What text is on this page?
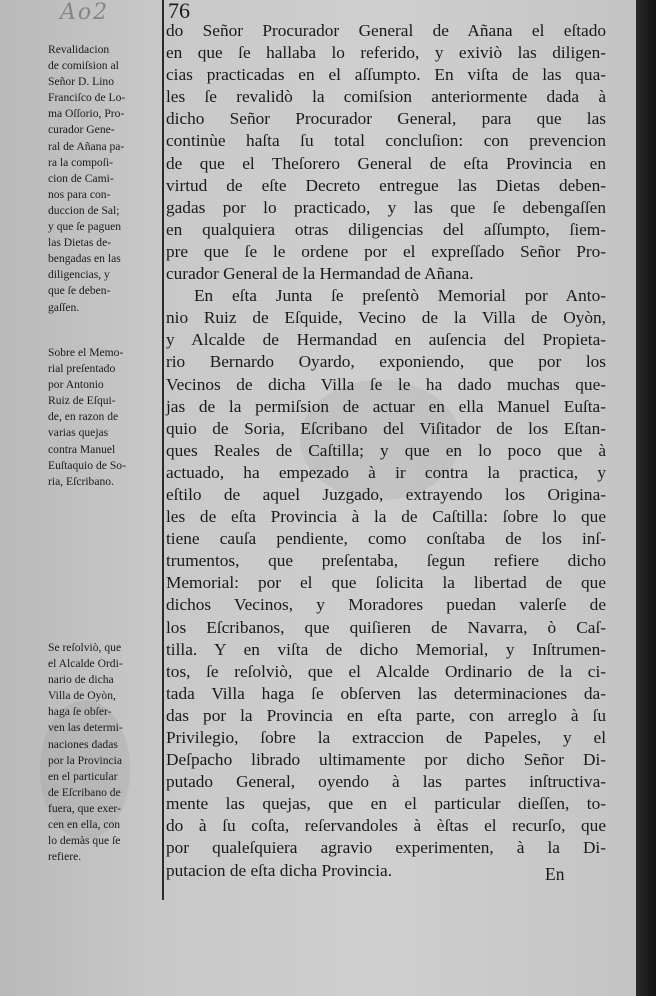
Ao2	76
Revalidacion
de comiſsion al
Señor D. Lino
Franciſco de Lo-
ma Oſſorio, Pro-
curador Gene-
ral de Añana pa-
ra la compoſi-
cion de Cami-
nos para con-
duccion de Sal;
y que ſe paguen
las Dietas de-
bengadas en las
diligencias, y
que ſe deben-
gaſſen.
Sobre el Memo-
rial preſentado
por Antonio
Ruiz de Eſqui-
de, en razon de
varias quejas
contra Manuel
Euſtaquio de So-
ria, Eſcribano.
Se reſolviò, que
el Alcalde Ordi-
nario de dicha
Villa de Oyòn,
haga ſe obſer-
ven las determi-
naciones dadas
por la Provincia
en el particular
de Eſcribano de
fuera, que exer-
cen en ella, con
lo demàs que ſe
refiere.

do Señor Procurador General de Añana el eſtado
en que ſe hallaba lo referido, y exiviò las diligen-
cias practicadas en el aſſumpto. En viſta de las qua-
les ſe revalidò la comiſsion anteriormente dada à
dicho Señor Procurador General, para que las
continùe haſta ſu total concluſion: con prevencion
de que el Theſorero General de eſta Provincia en
virtud de eſte Decreto entregue las Dietas deben-
gadas por lo practicado, y las que ſe debengaſſen
en qualquiera otras diligencias del aſſumpto, ſiem-
pre que ſe le ordene por el expreſſado Señor Pro-
curador General de la Hermandad de Añana.

En eſta Junta ſe preſentò Memorial por Anto-
nio Ruiz de Eſquide, Vecino de la Villa de Oyòn,
y Alcalde de Hermandad en auſencia del Propieta-
rio Bernardo Oyardo, exponiendo, que por los
Vecinos de dicha Villa ſe le ha dado muchas que-
jas de la permiſsion de actuar en ella Manuel Euſta-
quio de Soria, Eſcribano del Viſitador de los Eſtan-
ques Reales de Caſtilla; y que en lo poco que à
actuado, ha empezado à ir contra la practica, y
eſtilo de aquel Juzgado, extrayendo los Origina-
les de eſta Provincia à la de Caſtilla: ſobre lo que
tiene cauſa pendiente, como conſtaba de los inſ-
trumentos, que preſentaba, ſegun refiere dicho
Memorial: por el que ſolicita la libertad de que
dichos Vecinos, y Moradores puedan valerſe de
los Eſcribanos, que quiſieren de Navarra, ò Caſ-
tilla. Y en viſta de dicho Memorial, y Inſtrumen-
tos, ſe reſolviò, que el Alcalde Ordinario de la ci-
tada Villa haga ſe obſerven las determinaciones da-
das por la Provincia en eſta parte, con arreglo à ſu
Privilegio, ſobre la extraccion de Papeles, y el
Deſpacho librado ultimamente por dicho Señor Di-
putado General, oyendo à las partes inſtructiva-
mente las quejas, que en el particular dieſſen, to-
do à ſu coſta, reſervandoles à èſtas el recurſo, que
por qualeſquiera agravio experimenten, à la Di-
putacion de eſta dicha Provincia.	En
